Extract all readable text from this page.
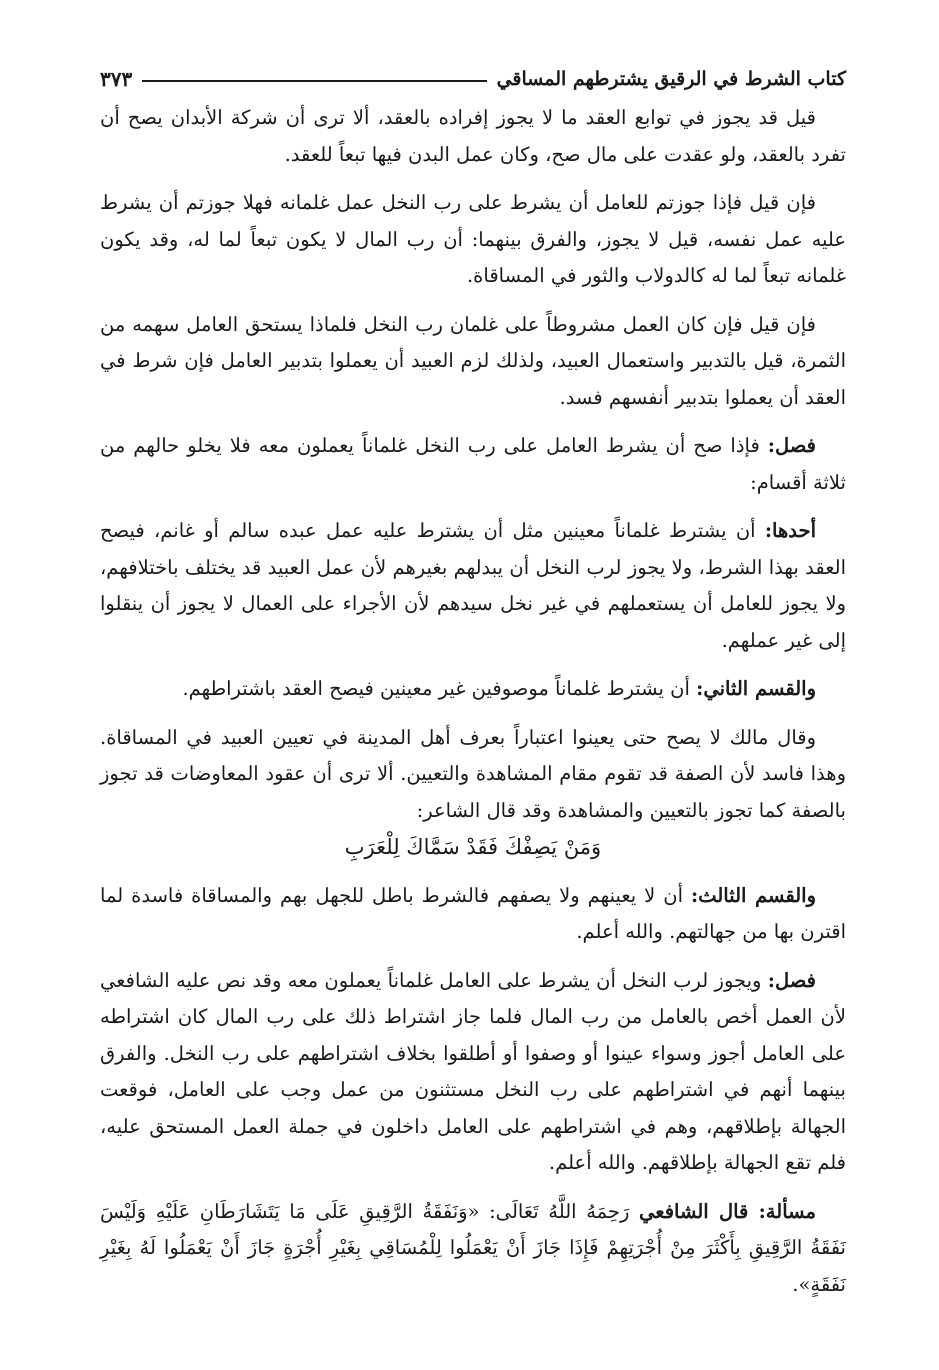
كتاب الشرط في الرقيق يشترطهم المساقي
٣٧٣

قيل قد يجوز في توابع العقد ما لا يجوز إفراده بالعقد، ألا ترى أن شركة الأبدان يصح أن تفرد بالعقد، ولو عقدت على مال صح، وكان عمل البدن فيها تبعاً للعقد.

فإن قيل فإذا جوزتم للعامل أن يشرط على رب النخل عمل غلمانه فهلا جوزتم أن يشرط عليه عمل نفسه، قيل لا يجوز، والفرق بينهما: أن رب المال لا يكون تبعاً لما له، وقد يكون غلمانه تبعاً لما له كالدولاب والثور في المساقاة.

فإن قيل فإن كان العمل مشروطاً على غلمان رب النخل فلماذا يستحق العامل سهمه من الثمرة، قيل بالتدبير واستعمال العبيد، ولذلك لزم العبيد أن يعملوا بتدبير العامل فإن شرط في العقد أن يعملوا بتدبير أنفسهم فسد.

فصل: فإذا صح أن يشرط العامل على رب النخل غلماناً يعملون معه فلا يخلو حالهم من ثلاثة أقسام:

أحدها: أن يشترط غلماناً معينين مثل أن يشترط عليه عمل عبده سالم أو غانم، فيصح العقد بهذا الشرط، ولا يجوز لرب النخل أن يبدلهم بغيرهم لأن عمل العبيد قد يختلف باختلافهم، ولا يجوز للعامل أن يستعملهم في غير نخل سيدهم لأن الأجراء على العمال لا يجوز أن ينقلوا إلى غير عملهم.

والقسم الثاني: أن يشترط غلماناً موصوفين غير معينين فيصح العقد باشتراطهم.

وقال مالك لا يصح حتى يعينوا اعتباراً بعرف أهل المدينة في تعيين العبيد في المساقاة. وهذا فاسد لأن الصفة قد تقوم مقام المشاهدة والتعيين. ألا ترى أن عقود المعاوضات قد تجوز بالصفة كما تجوز بالتعيين والمشاهدة وقد قال الشاعر:

وَمَنْ يَصِفْكَ فَقَدْ سَمَّاكَ لِلْعَرَبِ

والقسم الثالث: أن لا يعينهم ولا يصفهم فالشرط باطل للجهل بهم والمساقاة فاسدة لما اقترن بها من جهالتهم. والله أعلم.

فصل: ويجوز لرب النخل أن يشرط على العامل غلماناً يعملون معه وقد نص عليه الشافعي لأن العمل أخص بالعامل من رب المال فلما جاز اشتراط ذلك على رب المال كان اشتراطه على العامل أجوز وسواء عينوا أو وصفوا أو أطلقوا بخلاف اشتراطهم على رب النخل. والفرق بينهما أنهم في اشتراطهم على رب النخل مستثنون من عمل وجب على العامل، فوقعت الجهالة بإطلاقهم، وهم في اشتراطهم على العامل داخلون في جملة العمل المستحق عليه، فلم تقع الجهالة بإطلاقهم. والله أعلم.

مسألة: قال الشافعي رَحِمَهُ اللَّهُ تَعَالَى: «وَنَفَقَةُ الرَّقِيقِ عَلَى مَا يَتَشَارَطَانِ عَلَيْهِ وَلَيْسَ نَفَقَةُ الرَّقِيقِ بِأَكْثَرَ مِنْ أُجْرَتِهِمْ فَإِذَا جَازَ أَنْ يَعْمَلُوا لِلْمُسَاقِي بِغَيْرِ أُجْرَةٍ جَازَ أَنْ يَعْمَلُوا لَهُ بِغَيْرِ نَفَقَةٍ».
